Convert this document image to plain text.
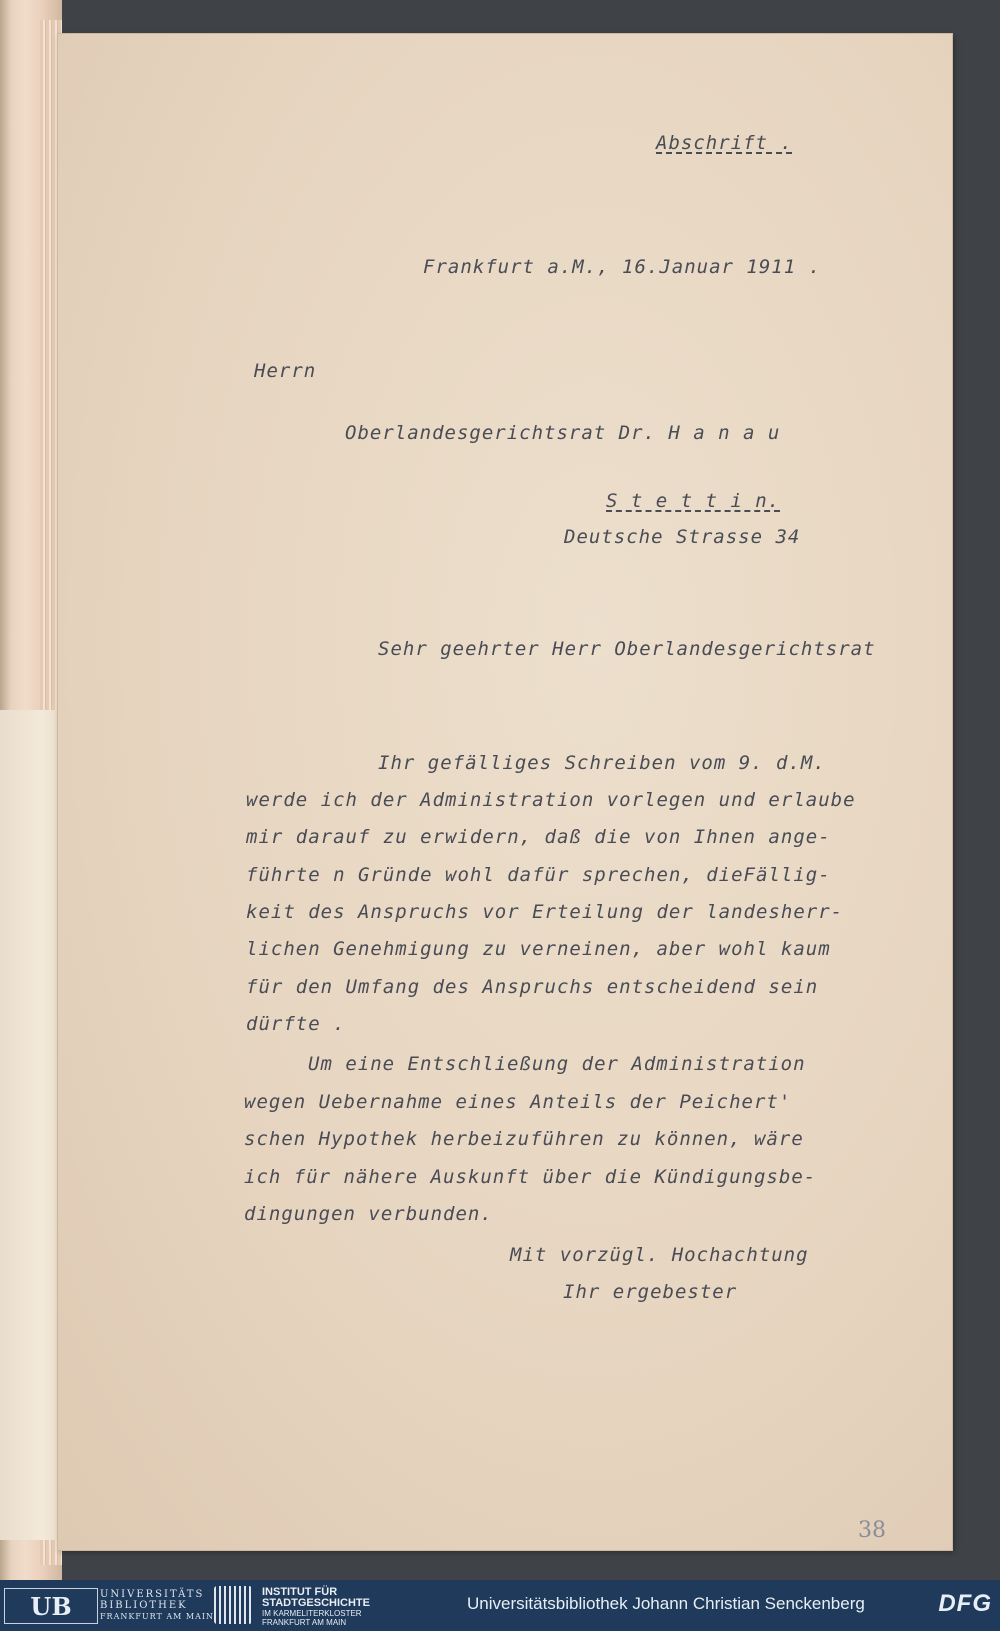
Abschrift .
Frankfurt a.M., 16.Januar 1911 .
Herrn
Oberlandesgerichtsrat Dr. H a n a u
S t e t t i n.
Deutsche Strasse 34
Sehr geehrter Herr Oberlandesgerichtsrat
Ihr gefälliges Schreiben vom 9. d.M.
werde ich der Administration vorlegen und erlaube
mir darauf zu erwidern, daß die von Ihnen ange-
führte n Gründe wohl dafür sprechen, dieFällig-
keit des Anspruchs vor Erteilung der landesherr-
lichen Genehmigung zu verneinen, aber wohl kaum
für den Umfang des Anspruchs entscheidend sein
dürfte .
Um eine Entschließung der Administration
wegen Uebernahme eines Anteils der Peichert'
schen Hypothek herbeizuführen zu können, wäre
ich für nähere Auskunft über die Kündigungsbe-
dingungen verbunden.
Mit vorzügl. Hochachtung
Ihr ergebester
38
UB	UNIVERSITÄTS
BIBLIOTHEK
FRANKFURT AM MAIN
INSTITUT FÜR
STADTGESCHICHTE
IM KARMELITERKLOSTER
FRANKFURT AM MAIN
Universitätsbibliothek Johann Christian Senckenberg	DFG
